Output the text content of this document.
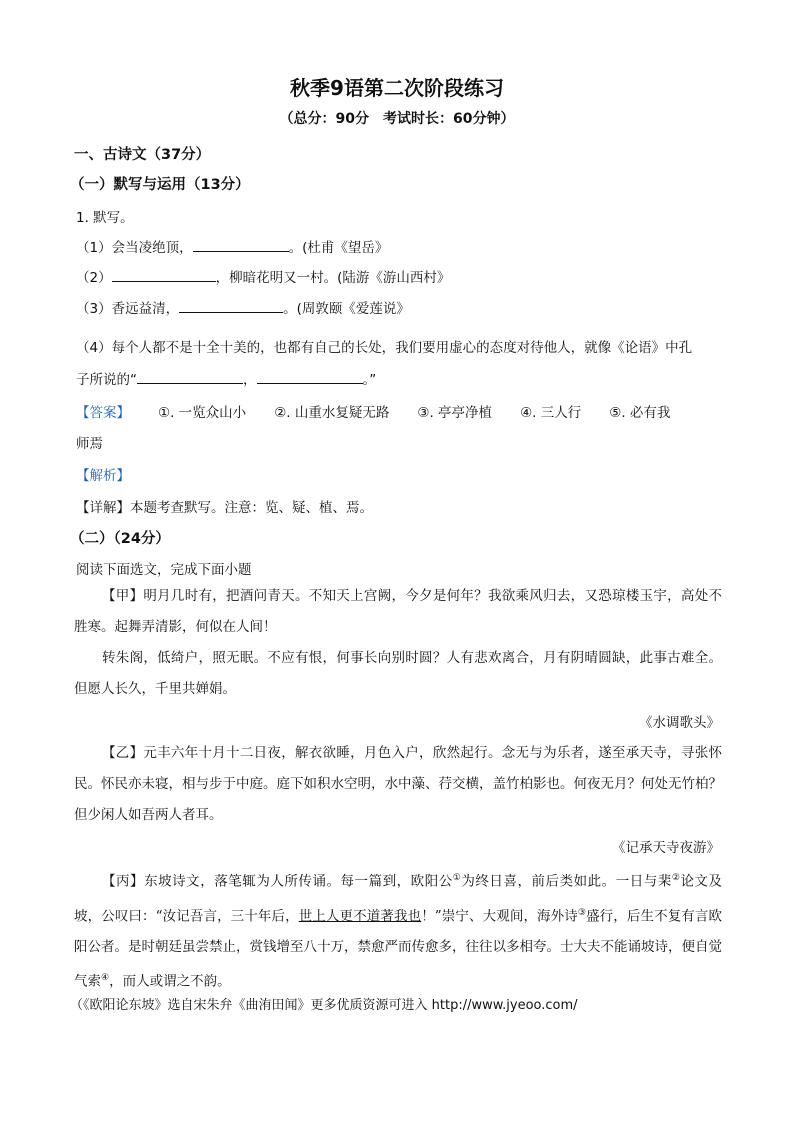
秋季9语第二次阶段练习
（总分：90分　考试时长：60分钟）
一、古诗文（37分）
（一）默写与运用（13分）
1. 默写。
（1）会当凌绝顶，	。(杜甫《望岳》
（2）	，柳暗花明又一村。(陆游《游山西村》
（3）香远益清，	。(周敦颐《爱莲说》
（4）每个人都不是十全十美的，也都有自己的长处，我们要用虚心的态度对待他人，就像《论语》中孔
子所说的“	，	。”
【答案】 ①. 一览众山小 ②. 山重水复疑无路 ③. 亭亭净植 ④. 三人行 ⑤. 必有我
师焉
【解析】
【详解】本题考查默写。注意：览、疑、植、焉。
（二）（24分）
阅读下面选文，完成下面小题
【甲】明月几时有，把酒问青天。不知天上宫阙，今夕是何年？我欲乘风归去，又恐琼楼玉宇，高处不胜寒。起舞弄清影，何似在人间！
转朱阁，低绮户，照无眠。不应有恨，何事长向别时圆？人有悲欢离合，月有阴晴圆缺，此事古难全。但愿人长久，千里共婵娟。
《水调歌头》
【乙】元丰六年十月十二日夜，解衣欲睡，月色入户，欣然起行。念无与为乐者，遂至承天寺，寻张怀民。怀民亦未寝，相与步于中庭。庭下如积水空明，水中藻、荇交横，盖竹柏影也。何夜无月？何处无竹柏？但少闲人如吾两人者耳。
《记承天寺夜游》
【丙】东坡诗文，落笔辄为人所传诵。每一篇到，欧阳公①为终日喜，前后类如此。一日与棐②论文及坡，公叹曰：“汝记吾言，三十年后，世上人更不道著我也！”崇宁、大观间，海外诗③盛行，后生不复有言欧阳公者。是时朝廷虽尝禁止，赏钱增至八十万，禁愈严而传愈多，往往以多相夸。士大夫不能诵坡诗，便自觉气索④，而人或谓之不韵。
（《欧阳论东坡》选自宋朱弁《曲洧田闻》更多优质资源可进入 http://www.jyeoo.com/
